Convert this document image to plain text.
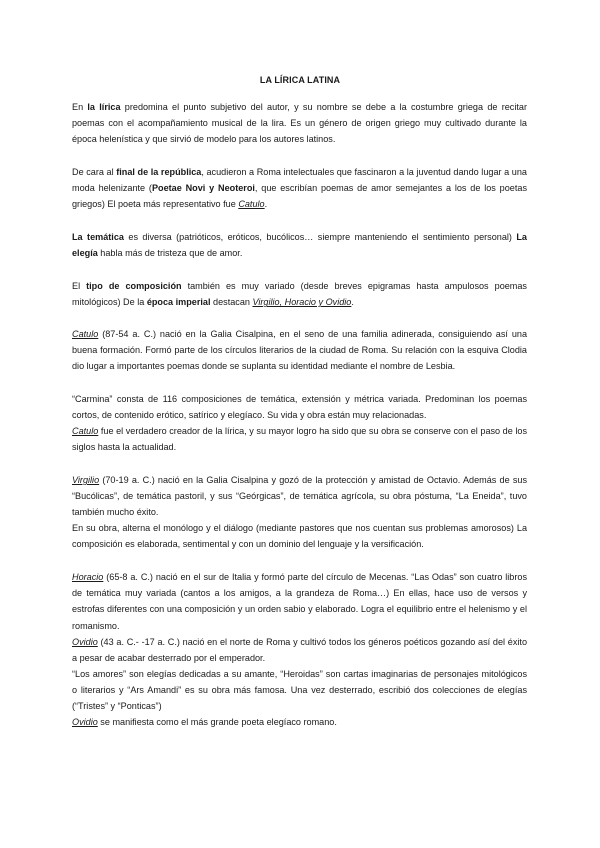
LA LÍRICA LATINA
En la lírica predomina el punto subjetivo del autor, y su nombre se debe a la costumbre griega de recitar poemas con el acompañamiento musical de la lira. Es un género de origen griego muy cultivado durante la época helenística y que sirvió de modelo para los autores latinos.
De cara al final de la república, acudieron a Roma intelectuales que fascinaron a la juventud dando lugar a una moda helenizante (Poetae Novi y Neoteroi, que escribían poemas de amor semejantes a los de los poetas griegos) El poeta más representativo fue Catulo.
La temática es diversa (patrióticos, eróticos, bucólicos… siempre manteniendo el sentimiento personal) La elegía habla más de tristeza que de amor.
El tipo de composición también es muy variado (desde breves epigramas hasta ampulosos poemas mitológicos) De la época imperial destacan Virgilio, Horacio y Ovidio.
Catulo (87-54 a. C.) nació en la Galia Cisalpina, en el seno de una familia adinerada, consiguiendo así una buena formación. Formó parte de los círculos literarios de la ciudad de Roma. Su relación con la esquiva Clodia dio lugar a importantes poemas donde se suplanta su identidad mediante el nombre de Lesbia.
“Carmina” consta de 116 composiciones de temática, extensión y métrica variada. Predominan los poemas cortos, de contenido erótico, satírico y elegíaco. Su vida y obra están muy relacionadas.
Catulo fue el verdadero creador de la lírica, y su mayor logro ha sido que su obra se conserve con el paso de los siglos hasta la actualidad.
Virgilio (70-19 a. C.) nació en la Galia Cisalpina y gozó de la protección y amistad de Octavio. Además de sus “Bucólicas”, de temática pastoril, y sus “Geórgicas”, de temática agrícola, su obra póstuma, “La Eneida”, tuvo también mucho éxito.
En su obra, alterna el monólogo y el diálogo (mediante pastores que nos cuentan sus problemas amorosos) La composición es elaborada, sentimental y con un dominio del lenguaje y la versificación.
Horacio (65-8 a. C.) nació en el sur de Italia y formó parte del círculo de Mecenas. “Las Odas” son cuatro libros de temática muy variada (cantos a los amigos, a la grandeza de Roma…) En ellas, hace uso de versos y estrofas diferentes con una composición y un orden sabio y elaborado. Logra el equilibrio entre el helenismo y el romanismo.
Ovidio (43 a. C.- -17 a. C.) nació en el norte de Roma y cultivó todos los géneros poéticos gozando así del éxito a pesar de acabar desterrado por el emperador.
“Los amores” son elegías dedicadas a su amante, “Heroidas” son cartas imaginarias de personajes mitológicos o literarios y “Ars Amandi” es su obra más famosa. Una vez desterrado, escribió dos colecciones de elegías (“Tristes” y “Ponticas”)
Ovidio se manifiesta como el más grande poeta elegíaco romano.
